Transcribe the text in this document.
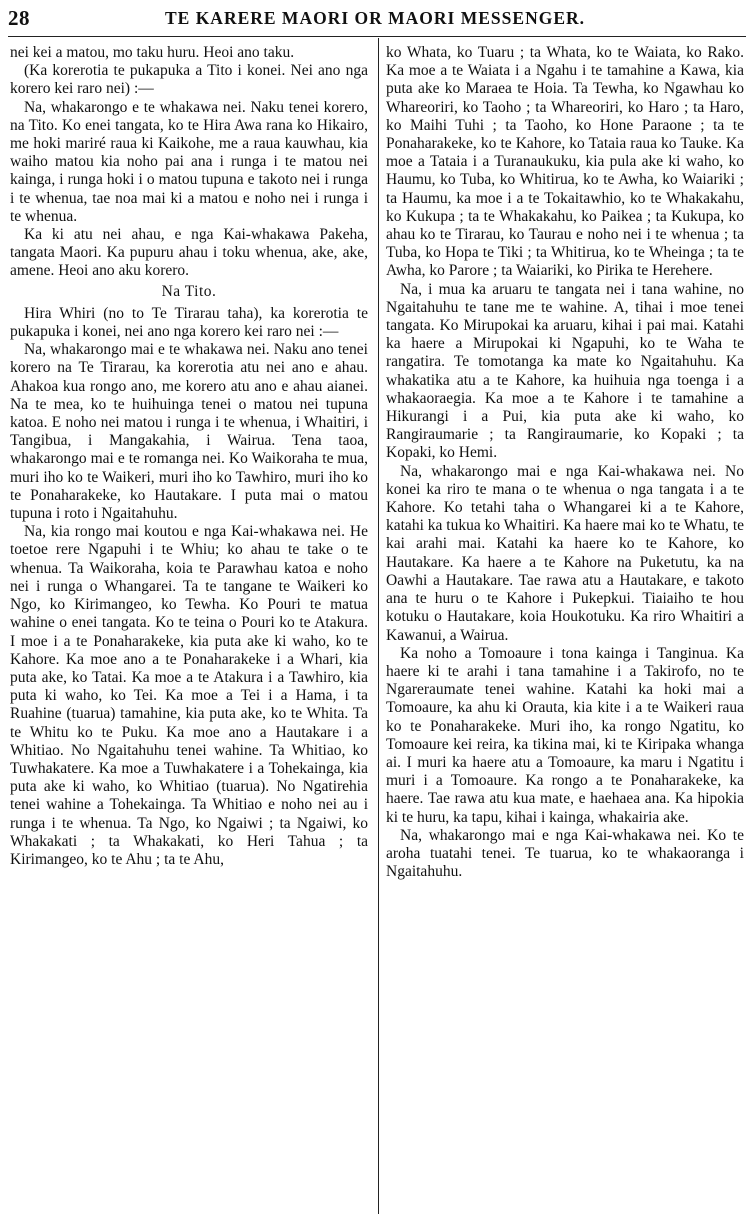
28	TE KARERE MAORI OR MAORI MESSENGER.

nei kei a matou, mo taku huru. Heoi ano taku.

(Ka korerotia te pukapuka a Tito i konei. Nei ano nga korero kei raro nei) :—

Na, whakarongo e te whakawa nei. Naku tenei korero, na Tito. Ko enei tangata, ko te Hira Awa rana ko Hikairo, me hoki mariré raua ki Kaikohe, me a raua kauwhau, kia waiho matou kia noho pai ana i runga i te matou nei kainga, i runga hoki i o matou tupuna e takoto nei i runga i te whenua, tae noa mai ki a matou e noho nei i runga i te whenua.

Ka ki atu nei ahau, e nga Kai-whakawa Pakeha, tangata Maori. Ka pupuru ahau i toku whenua, ake, ake, amene. Heoi ano aku korero.

Na Tito.

Hira Whiri (no to Te Tirarau taha), ka korerotia te pukapuka i konei, nei ano nga korero kei raro nei :—

Na, whakarongo mai e te whakawa nei. Naku ano tenei korero na Te Tirarau, ka korerotia atu nei ano e ahau. Ahakoa kua rongo ano, me korero atu ano e ahau aianei. Na te mea, ko te huihuinga tenei o matou nei tupuna katoa. E noho nei matou i runga i te whenua, i Whaitiri, i Tangibua, i Mangakahia, i Wairua. Tena taoa, whakarongo mai e te romanga nei. Ko Waikoraha te mua, muri iho ko te Waikeri, muri iho ko Tawhiro, muri iho ko te Ponaharakeke, ko Hautakare. I puta mai o matou tupuna i roto i Ngaitahuhu.

Na, kia rongo mai koutou e nga Kai-whakawa nei. He toetoe rere Ngapuhi i te Whiu; ko ahau te take o te whenua. Ta Waikoraha, koia te Parawhau katoa e noho nei i runga o Whangarei. Ta te tangane te Waikeri ko Ngo, ko Kirimangeo, ko Tewha. Ko Pouri te matua wahine o enei tangata. Ko te teina o Pouri ko te Atakura. I moe i a te Ponaharakeke, kia puta ake ki waho, ko te Kahore. Ka moe ano a te Ponaharakeke i a Whari, kia puta ake, ko Tatai. Ka moe a te Atakura i a Tawhiro, kia puta ki waho, ko Tei. Ka moe a Tei i a Hama, i ta Ruahine (tuarua) tamahine, kia puta ake, ko te Whita. Ta te Whitu ko te Puku. Ka moe ano a Hautakare i a Whitiao. No Ngaitahuhu tenei wahine. Ta Whitiao, ko Tuwhakatere. Ka moe a Tuwhakatere i a Tohekainga, kia puta ake ki waho, ko Whitiao (tuarua). No Ngatirehia tenei wahine a Tohekainga. Ta Whitiao e noho nei au i runga i te whenua. Ta Ngo, ko Ngaiwi ; ta Ngaiwi, ko Whakakati ; ta Whakakati, ko Heri Tahua ; ta Kirimangeo, ko te Ahu ; ta te Ahu,

ko Whata, ko Tuaru ; ta Whata, ko te Waiata, ko Rako. Ka moe a te Waiata i a Ngahu i te tamahine a Kawa, kia puta ake ko Maraea te Hoia. Ta Tewha, ko Ngawhau ko Whareoriri, ko Taoho ; ta Whareoriri, ko Haro ; ta Haro, ko Maihi Tuhi ; ta Taoho, ko Hone Paraone ; ta te Ponaharakeke, ko te Kahore, ko Tataia raua ko Tauke. Ka moe a Tataia i a Turanaukuku, kia pula ake ki waho, ko Haumu, ko Tuba, ko Whitirua, ko te Awha, ko Waiariki ; ta Haumu, ka moe i a te Tokaitawhio, ko te Whakakahu, ko Kukupa ; ta te Whakakahu, ko Paikea ; ta Kukupa, ko ahau ko te Tirarau, ko Taurau e noho nei i te whenua ; ta Tuba, ko Hopa te Tiki ; ta Whitirua, ko te Wheinga ; ta te Awha, ko Parore ; ta Waiariki, ko Pirika te Herehere.

Na, i mua ka aruaru te tangata nei i tana wahine, no Ngaitahuhu te tane me te wahine. A, tihai i moe tenei tangata. Ko Mirupokai ka aruaru, kihai i pai mai. Katahi ka haere a Mirupokai ki Ngapuhi, ko te Waha te rangatira. Te tomotanga ka mate ko Ngaitahuhu. Ka whakatika atu a te Kahore, ka huihuia nga toenga i a whakaoraegia. Ka moe a te Kahore i te tamahine a Hikurangi i a Pui, kia puta ake ki waho, ko Rangiraumarie ; ta Rangiraumarie, ko Kopaki ; ta Kopaki, ko Hemi.

Na, whakarongo mai e nga Kai-whakawa nei. No konei ka riro te mana o te whenua o nga tangata i a te Kahore. Ko tetahi taha o Whangarei ki a te Kahore, katahi ka tukua ko Whaitiri. Ka haere mai ko te Whatu, te kai arahi mai. Katahi ka haere ko te Kahore, ko Hautakare. Ka haere a te Kahore na Puketutu, ka na Oawhi a Hautakare. Tae rawa atu a Hautakare, e takoto ana te huru o te Kahore i Pukepkui. Tiaiaiho te hou kotuku o Hautakare, koia Houkotuku. Ka riro Whaitiri a Kawanui, a Wairua.

Ka noho a Tomoaure i tona kainga i Tanginua. Ka haere ki te arahi i tana tamahine i a Takirofo, no te Ngareraumate tenei wahine. Katahi ka hoki mai a Tomoaure, ka ahu ki Orauta, kia kite i a te Waikeri raua ko te Ponaharakeke. Muri iho, ka rongo Ngatitu, ko Tomoaure kei reira, ka tikina mai, ki te Kiripaka whanga ai. I muri ka haere atu a Tomoaure, ka maru i Ngatitu i muri i a Tomoaure. Ka rongo a te Ponaharakeke, ka haere. Tae rawa atu kua mate, e haehaea ana. Ka hipokia ki te huru, ka tapu, kihai i kainga, whakairia ake.

Na, whakarongo mai e nga Kai-whakawa nei. Ko te aroha tuatahi tenei. Te tuarua, ko te whakaoranga i Ngaitahuhu.
